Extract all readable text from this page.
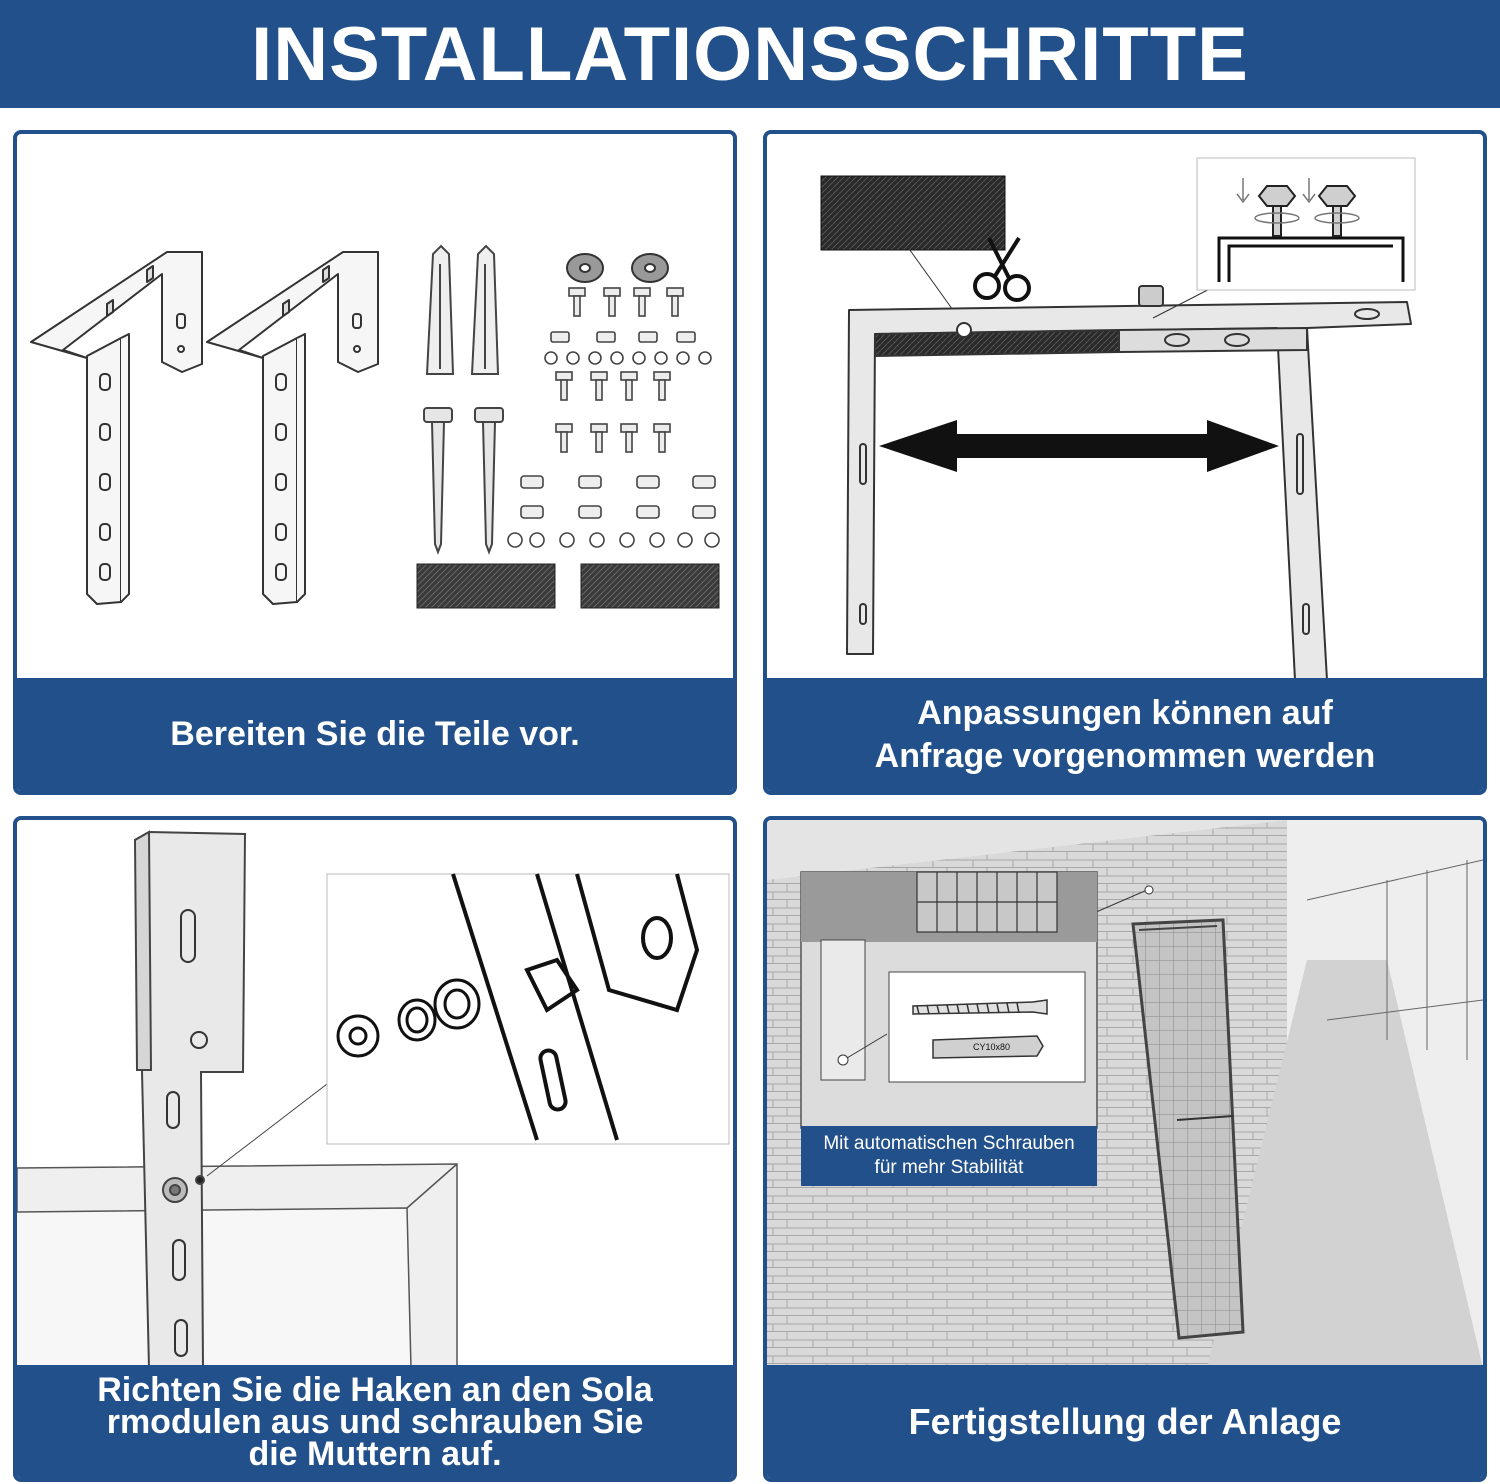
INSTALLATIONSSCHRITTE
Bereiten Sie die Teile vor.
Anpassungen können auf
Anfrage vorgenommen werden
Richten Sie die Haken an den Sola
rmodulen aus und schrauben Sie
die Muttern auf.
CY10x80
Mit automatischen Schrauben
für mehr Stabilität
Fertigstellung der Anlage
